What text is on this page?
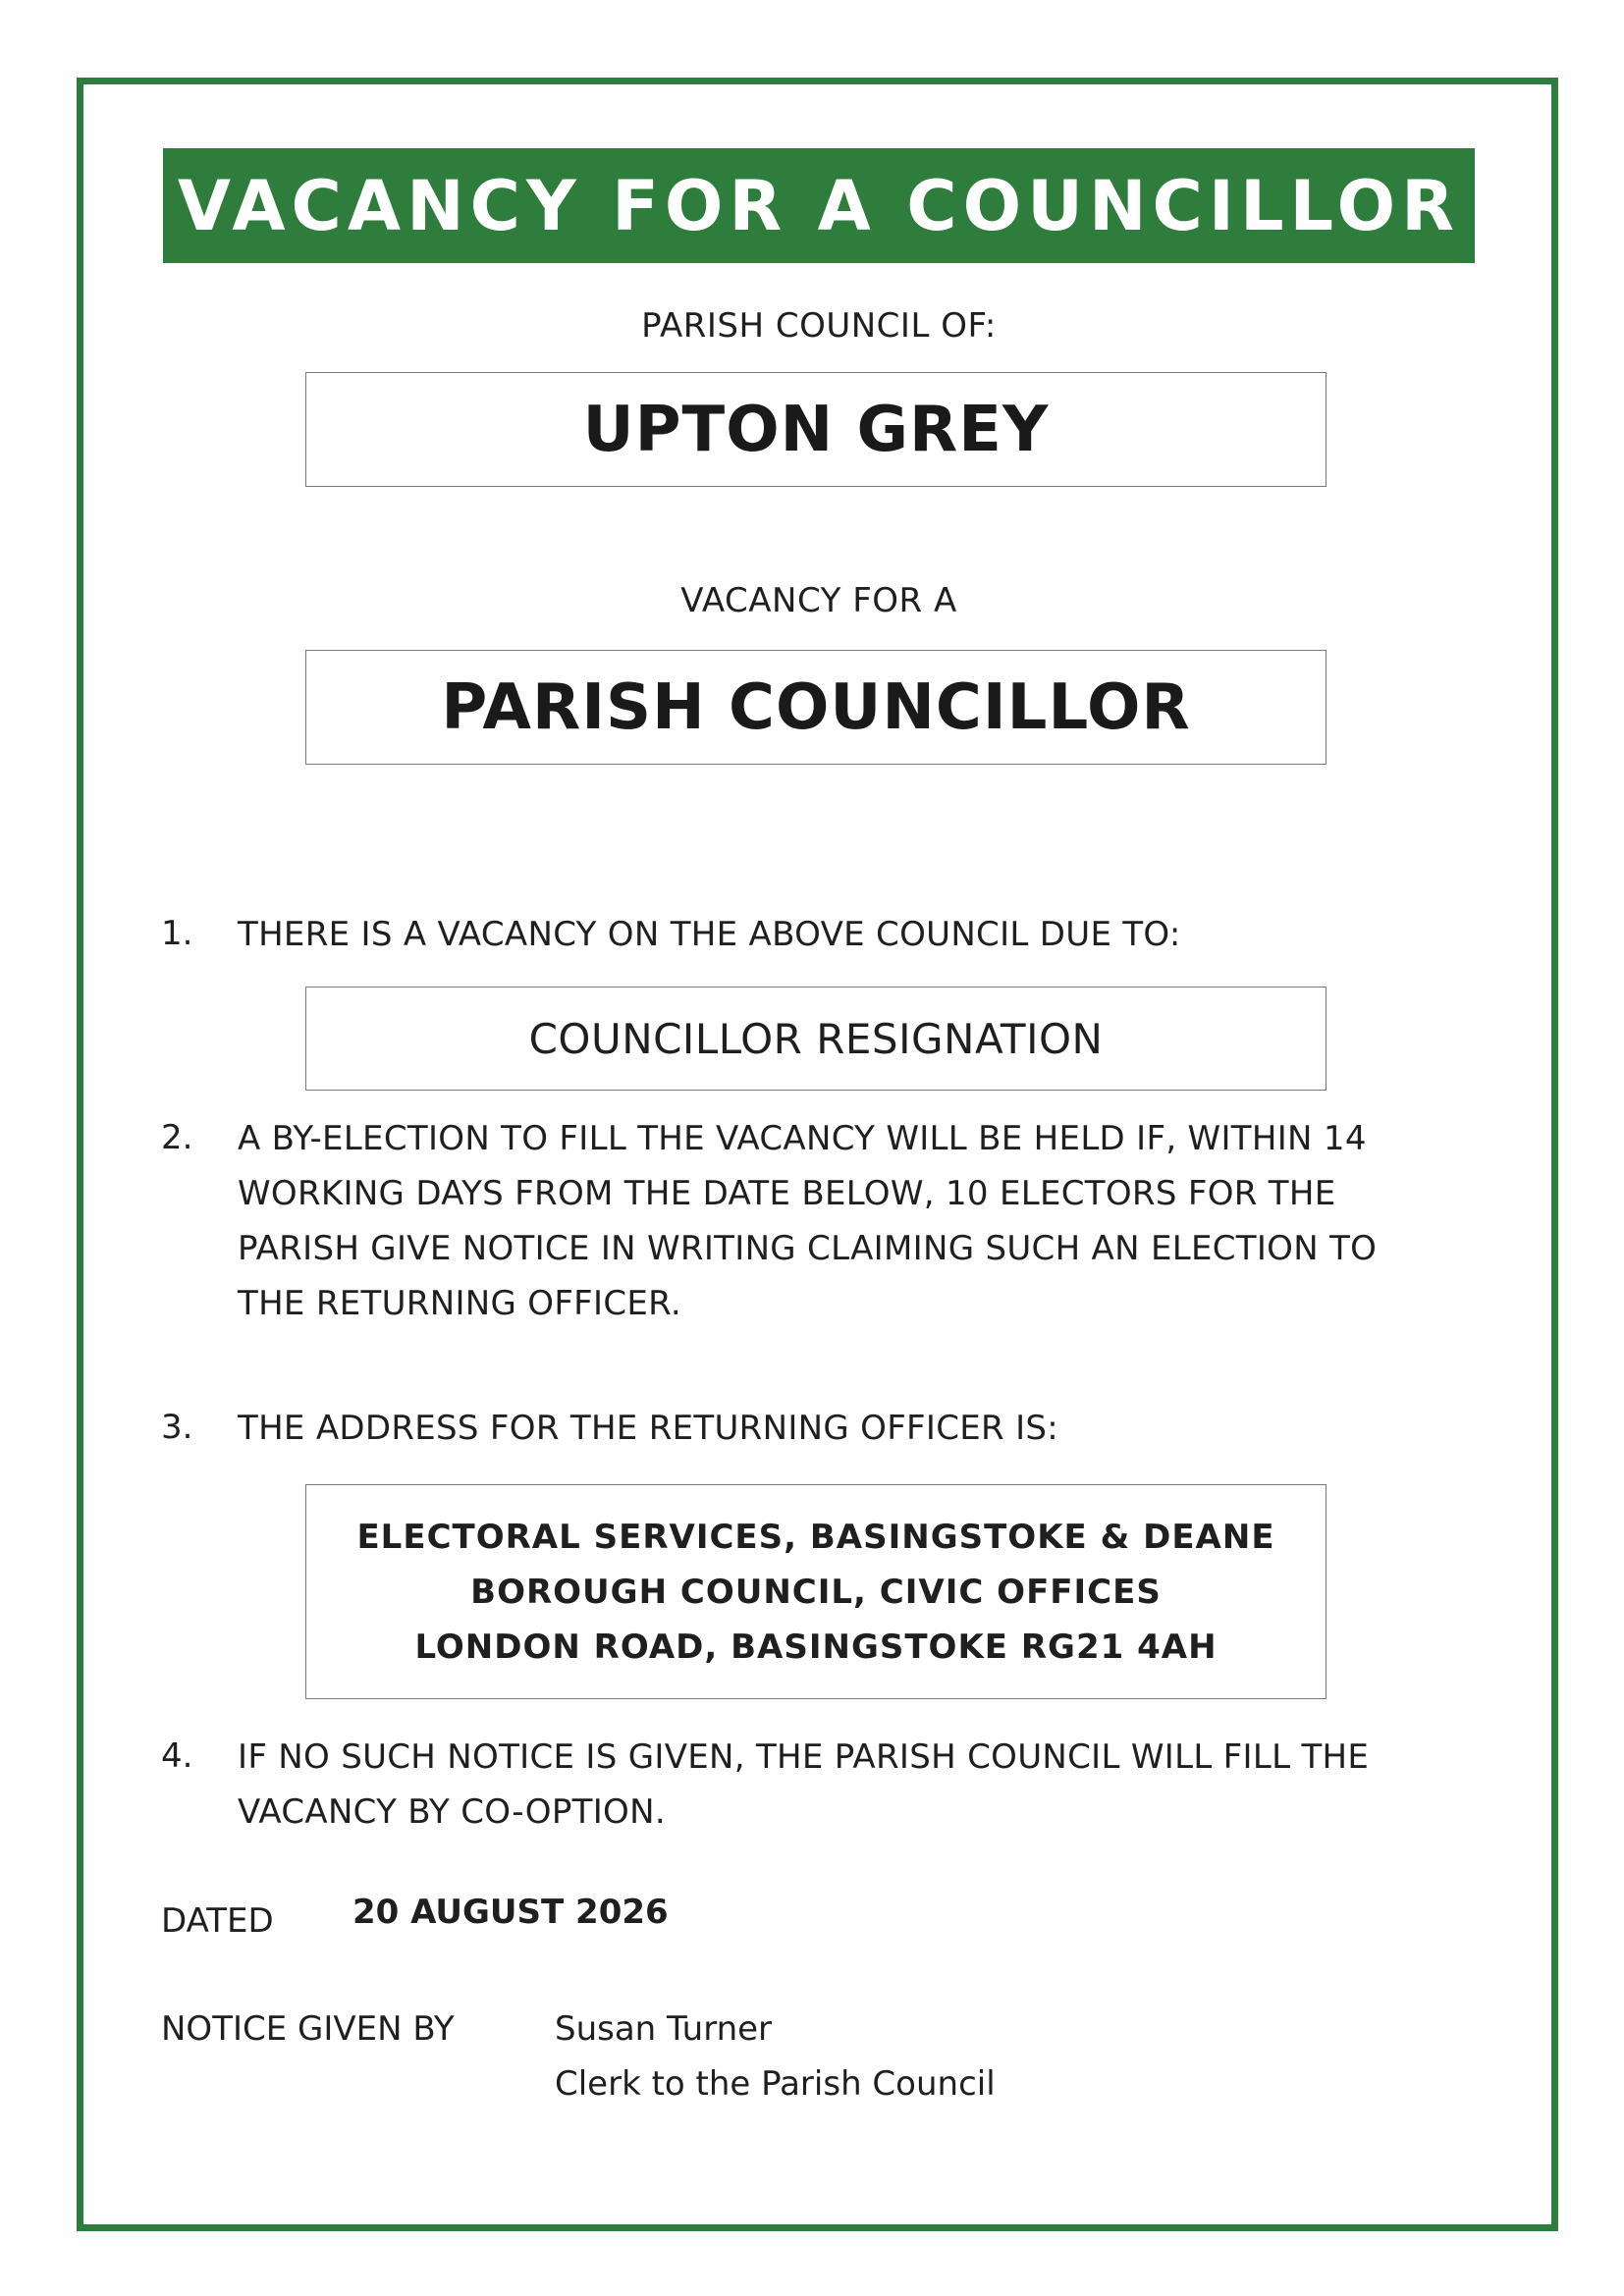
VACANCY FOR A COUNCILLOR
PARISH COUNCIL OF:
UPTON GREY
VACANCY FOR A
PARISH COUNCILLOR
1. THERE IS A VACANCY ON THE ABOVE COUNCIL DUE TO:
COUNCILLOR RESIGNATION
2. A BY-ELECTION TO FILL THE VACANCY WILL BE HELD IF, WITHIN 14
WORKING DAYS FROM THE DATE BELOW, 10 ELECTORS FOR THE
PARISH GIVE NOTICE IN WRITING CLAIMING SUCH AN ELECTION TO
THE RETURNING OFFICER.
3. THE ADDRESS FOR THE RETURNING OFFICER IS:
ELECTORAL SERVICES, BASINGSTOKE & DEANE
BOROUGH COUNCIL, CIVIC OFFICES
LONDON ROAD, BASINGSTOKE RG21 4AH
4. IF NO SUCH NOTICE IS GIVEN, THE PARISH COUNCIL WILL FILL THE
VACANCY BY CO-OPTION.
DATED 20 AUGUST 2026
NOTICE GIVEN BY	Susan Turner
Clerk to the Parish Council
